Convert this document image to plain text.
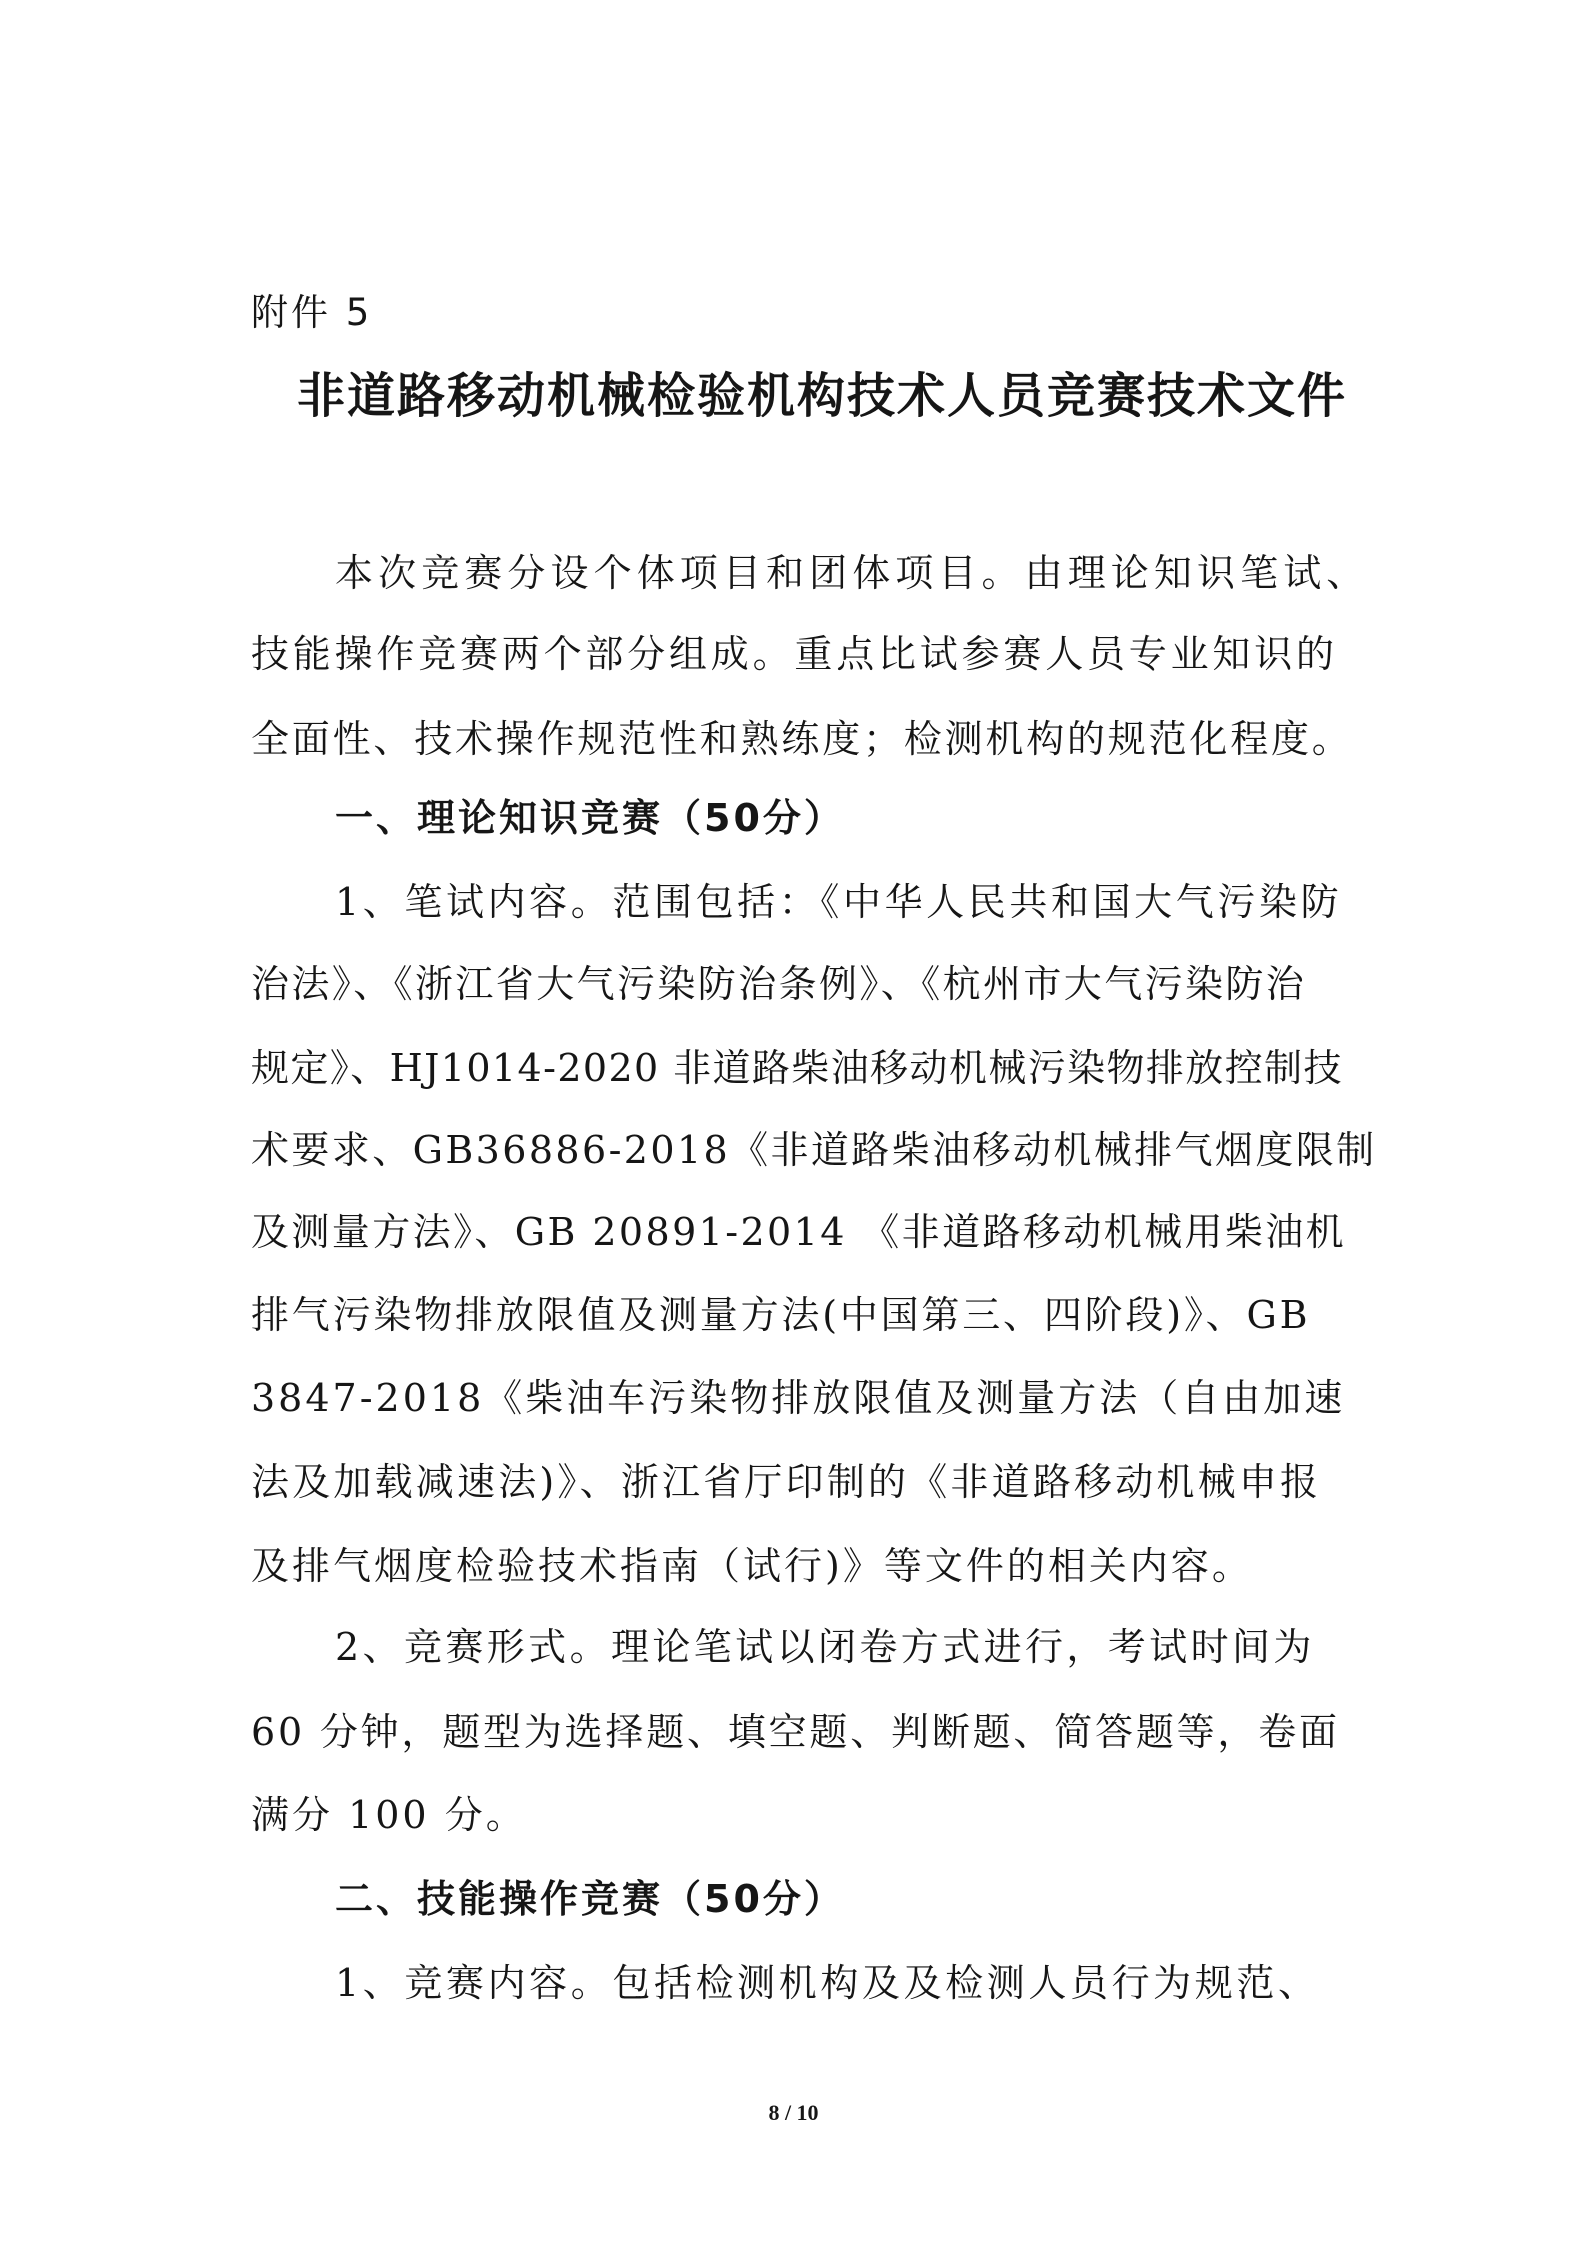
附件 5
非道路移动机械检验机构技术人员竞赛技术文件
本次竞赛分设个体项目和团体项目。由理论知识笔试、
技能操作竞赛两个部分组成。重点比试参赛人员专业知识的
全面性、技术操作规范性和熟练度；检测机构的规范化程度。
一、理论知识竞赛（50分）
1、笔试内容。范围包括：《中华人民共和国大气污染防
治法》、《浙江省大气污染防治条例》、《杭州市大气污染防治
规定》、HJ1014-2020 非道路柴油移动机械污染物排放控制技
术要求、GB36886-2018《非道路柴油移动机械排气烟度限制
及测量方法》、GB 20891-2014 《非道路移动机械用柴油机
排气污染物排放限值及测量方法(中国第三、四阶段)》、GB
3847-2018《柴油车污染物排放限值及测量方法（自由加速
法及加载减速法)》、浙江省厅印制的《非道路移动机械申报
及排气烟度检验技术指南（试行)》等文件的相关内容。
2、竞赛形式。理论笔试以闭卷方式进行，考试时间为
60 分钟，题型为选择题、填空题、判断题、简答题等，卷面
满分 100 分。
二、技能操作竞赛（50分）
1、竞赛内容。包括检测机构及及检测人员行为规范、
8 / 10
